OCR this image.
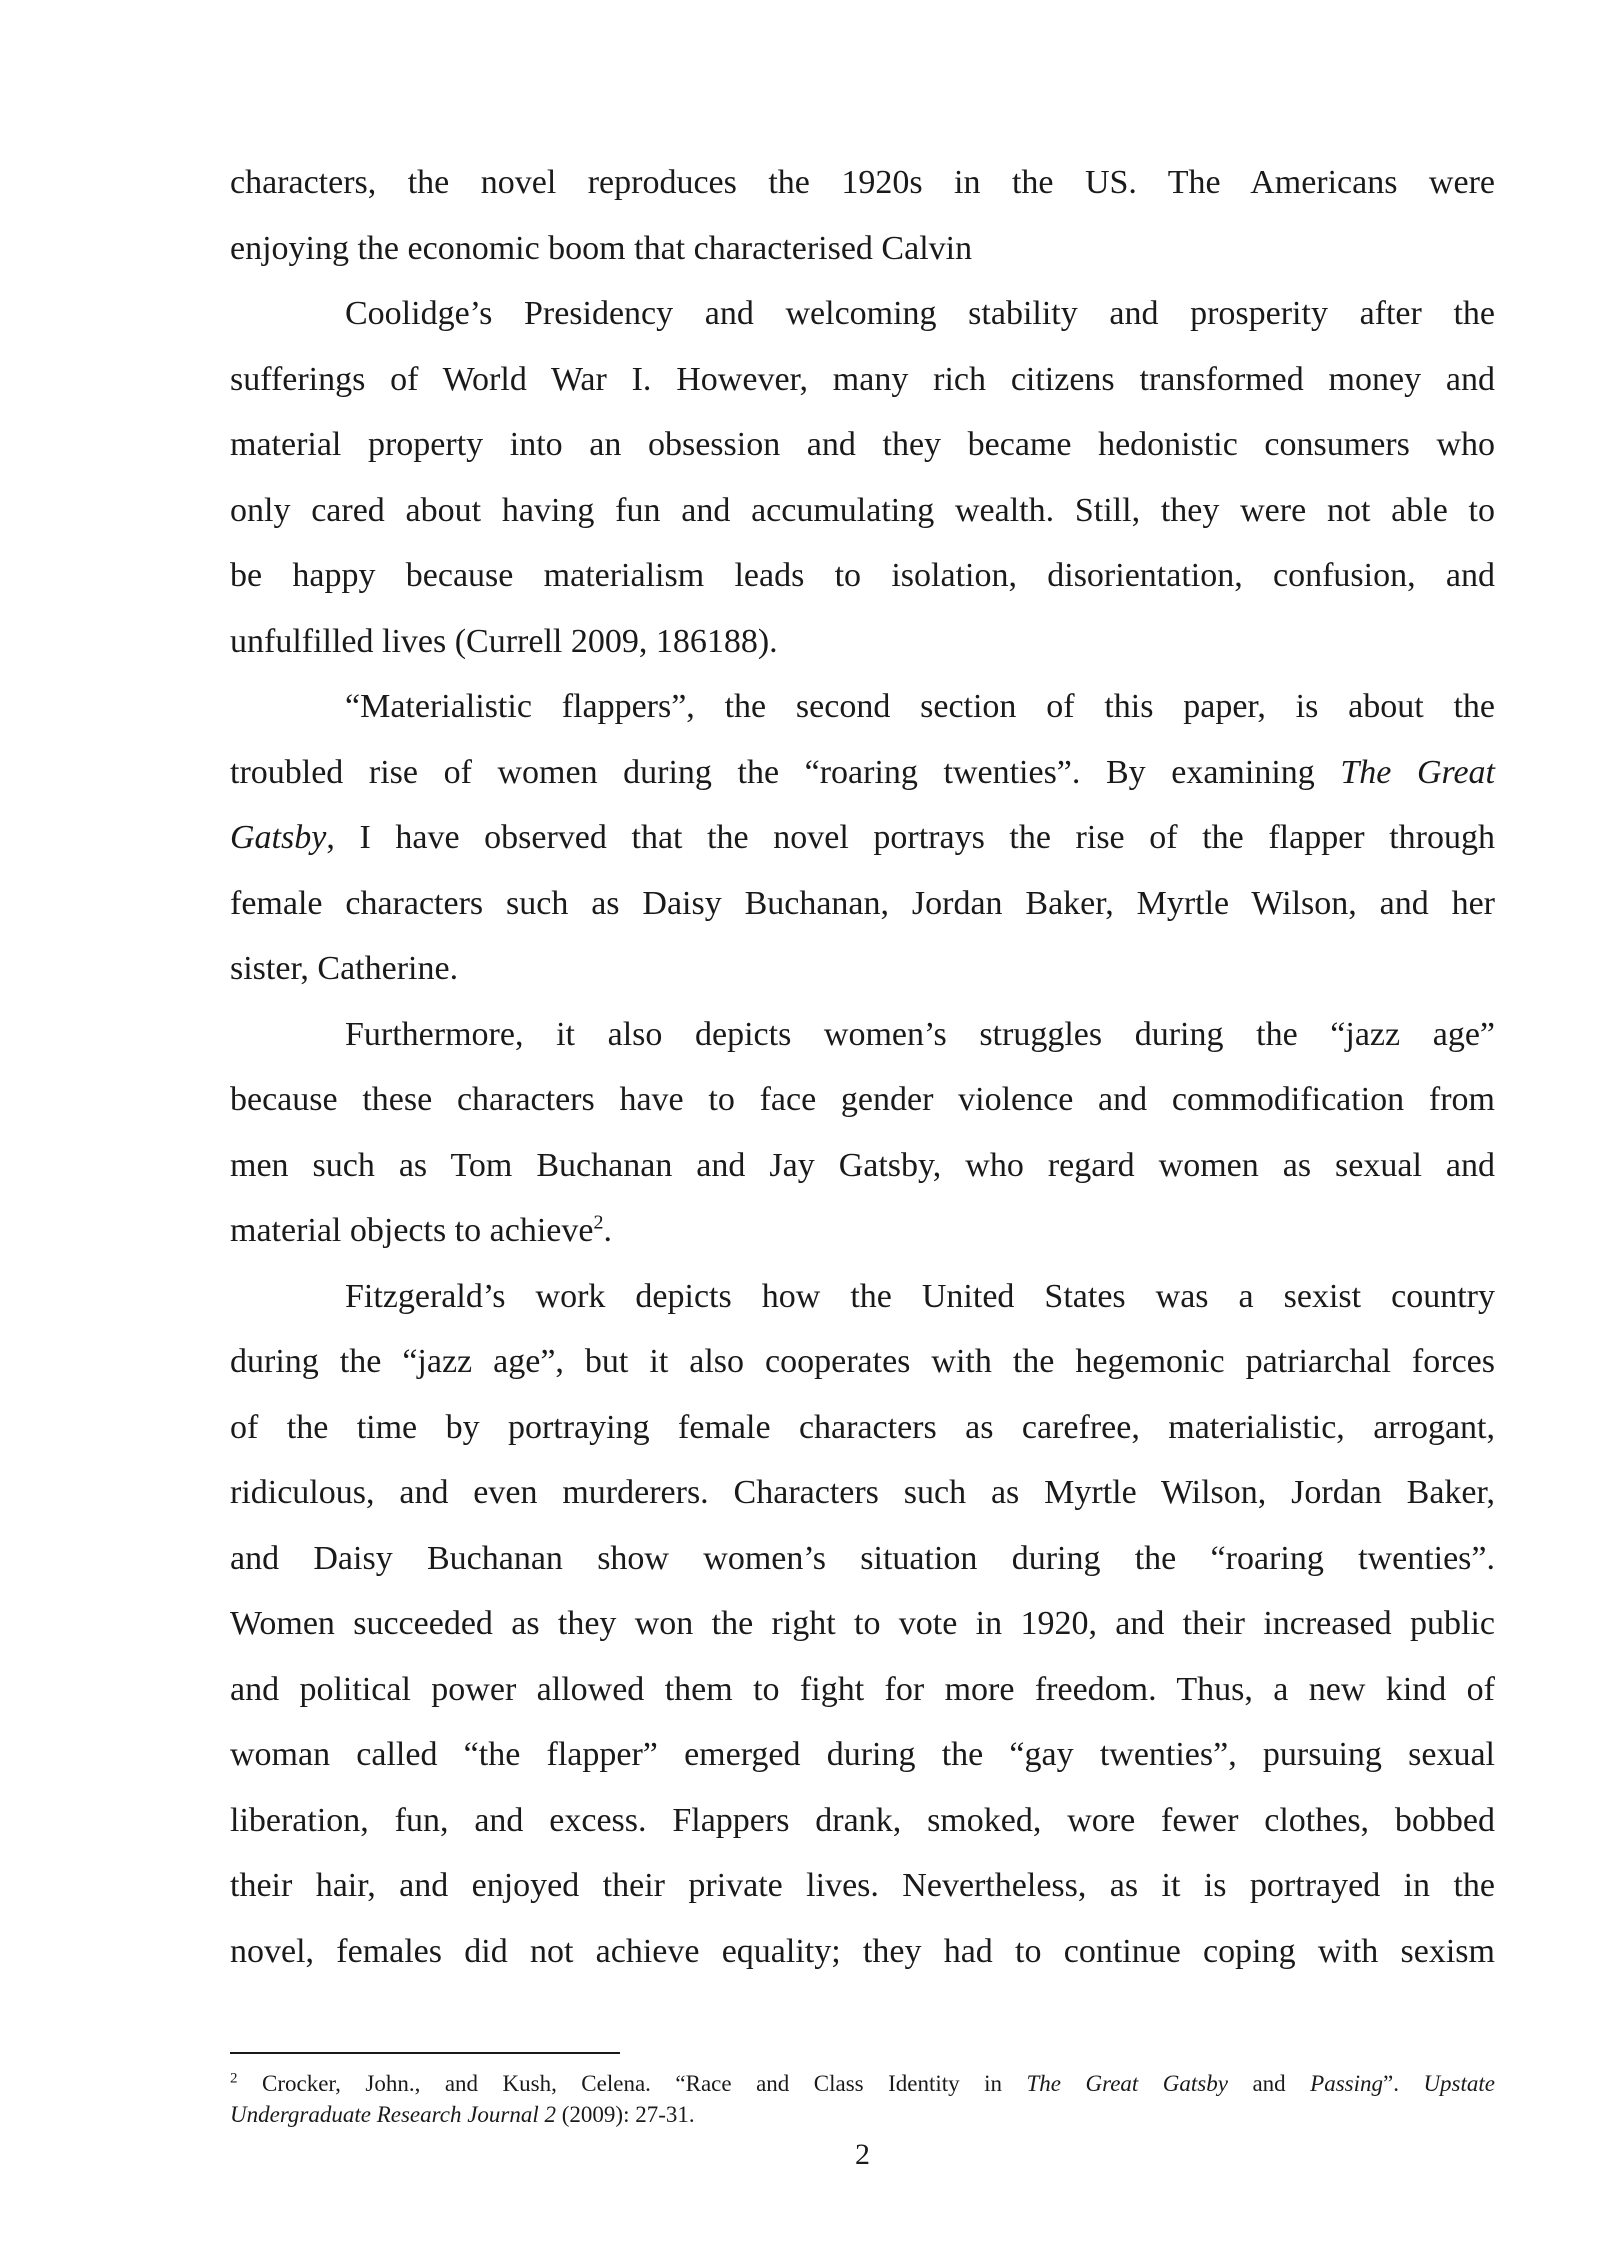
characters, the novel reproduces the 1920s in the US. The Americans were
enjoying the economic boom that characterised Calvin

Coolidge’s Presidency and welcoming stability and prosperity after the
sufferings of World War I. However, many rich citizens transformed money and
material property into an obsession and they became hedonistic consumers who
only cared about having fun and accumulating wealth. Still, they were not able to
be happy because materialism leads to isolation, disorientation, confusion, and
unfulfilled lives (Currell 2009, 186188).

“Materialistic flappers”, the second section of this paper, is about the
troubled rise of women during the “roaring twenties”. By examining The Great
Gatsby, I have observed that the novel portrays the rise of the flapper through
female characters such as Daisy Buchanan, Jordan Baker, Myrtle Wilson, and her
sister, Catherine.

Furthermore, it also depicts women’s struggles during the “jazz age”
because these characters have to face gender violence and commodification from
men such as Tom Buchanan and Jay Gatsby, who regard women as sexual and
material objects to achieve$^2$.

Fitzgerald’s work depicts how the United States was a sexist country
during the “jazz age”, but it also cooperates with the hegemonic patriarchal forces
of the time by portraying female characters as carefree, materialistic, arrogant,
ridiculous, and even murderers. Characters such as Myrtle Wilson, Jordan Baker,
and Daisy Buchanan show women’s situation during the “roaring twenties”.
Women succeeded as they won the right to vote in 1920, and their increased public
and political power allowed them to fight for more freedom. Thus, a new kind of
woman called “the flapper” emerged during the “gay twenties”, pursuing sexual
liberation, fun, and excess. Flappers drank, smoked, wore fewer clothes, bobbed
their hair, and enjoyed their private lives. Nevertheless, as it is portrayed in the
novel, females did not achieve equality; they had to continue coping with sexism

$^2$ Crocker, John., and Kush, Celena. “Race and Class Identity in The Great Gatsby and Passing”. Upstate
Undergraduate Research Journal 2 (2009): 27-31.
2
